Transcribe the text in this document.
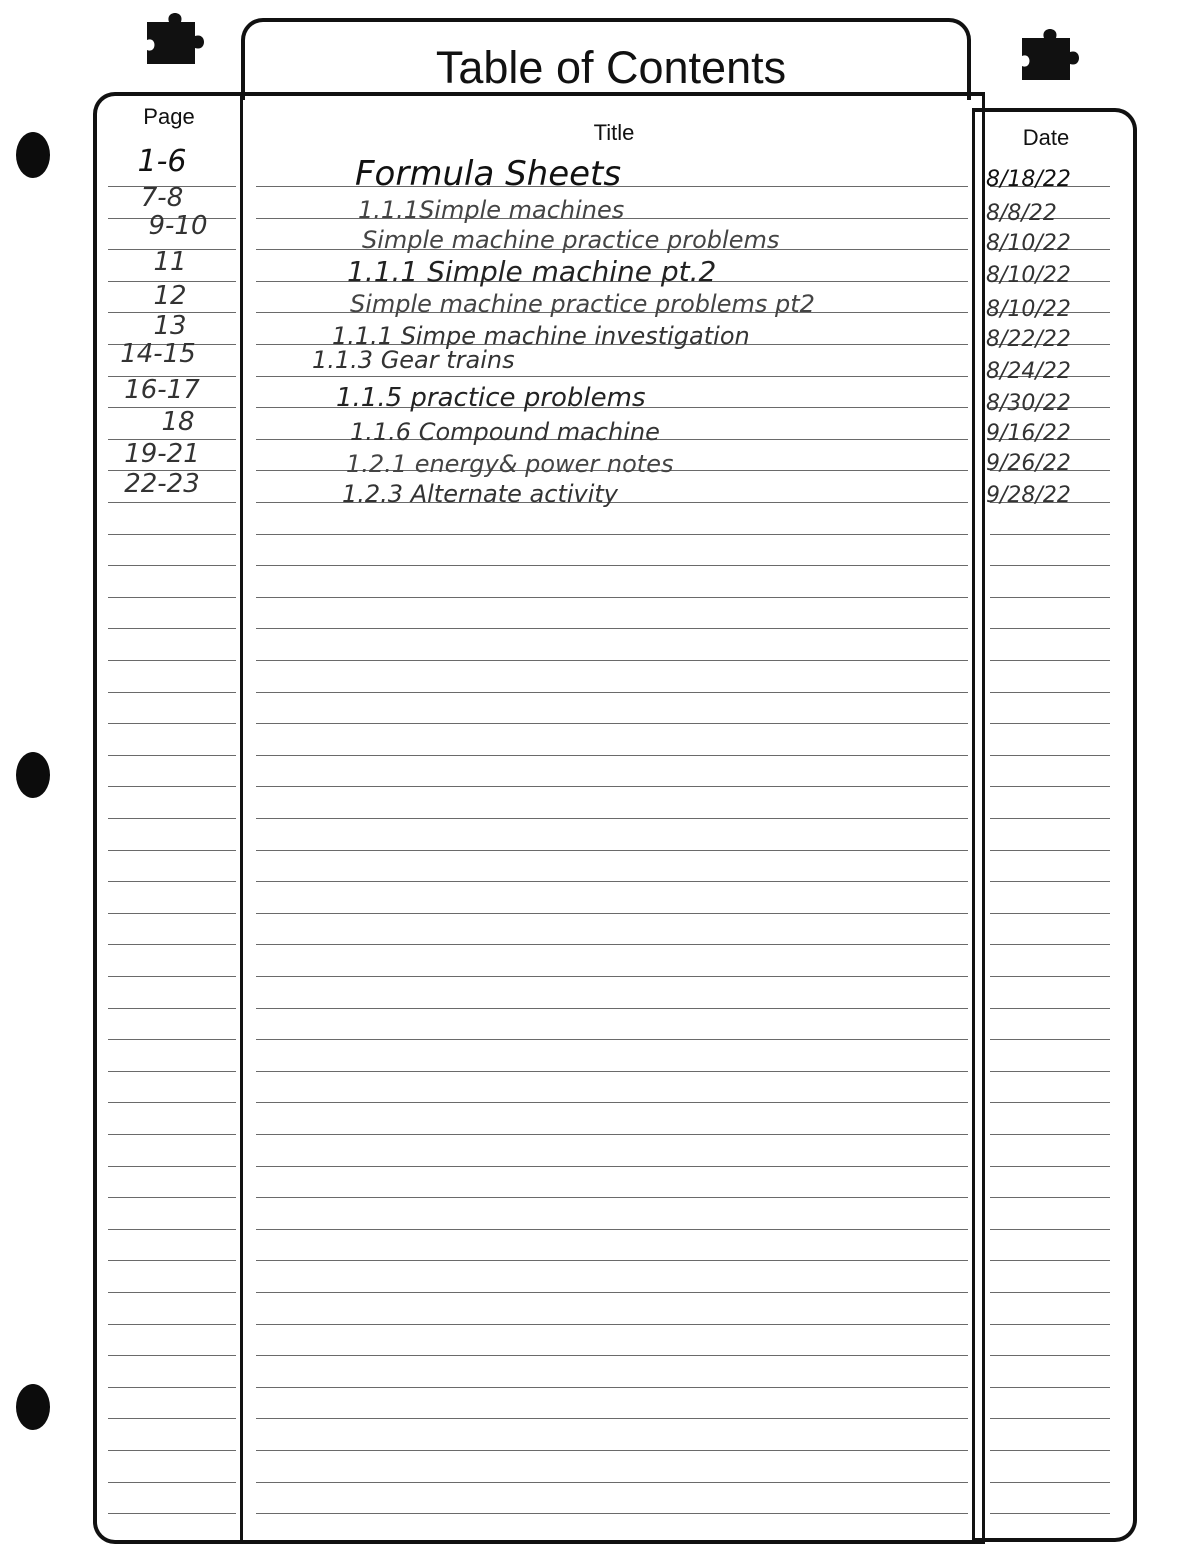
Table of Contents
Page
Title	Date
1-6	Formula Sheets	8/18/22
7-8	1.1.1Simple machines	8/8/22
9-10	Simple machine practice problems	8/10/22
11	1.1.1 Simple machine pt.2	8/10/22
12	Simple machine practice problems pt2	8/10/22
13	1.1.1 Simpe machine investigation	8/22/22
14-15	1.1.3 Gear trains	8/24/22
16-17	1.1.5 practice problems	8/30/22
18	1.1.6 Compound machine	9/16/22
19-21	1.2.1 energy& power notes	9/26/22
22-23	1.2.3 Alternate activity	9/28/22
